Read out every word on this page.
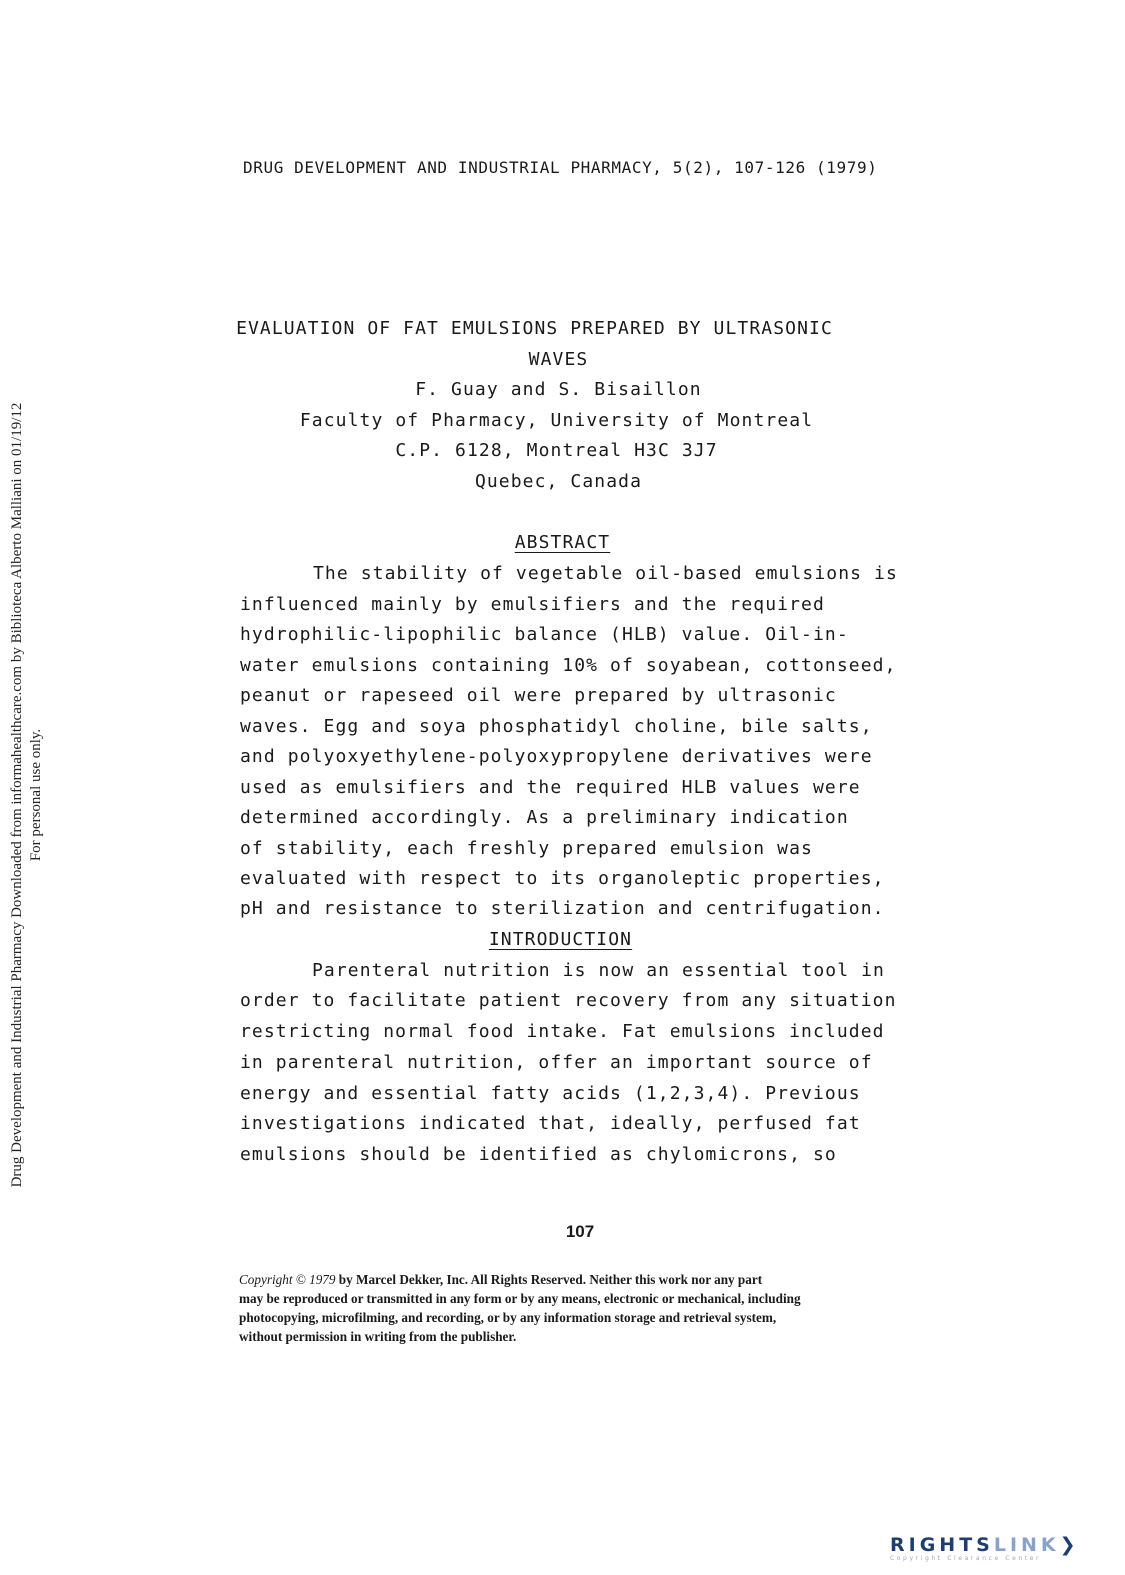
Drug Development and Industrial Pharmacy Downloaded from informahealthcare.com by Biblioteca Alberto Malliani on 01/19/12 For personal use only.
DRUG DEVELOPMENT AND INDUSTRIAL PHARMACY, 5(2), 107-126 (1979)
EVALUATION OF FAT EMULSIONS PREPARED BY ULTRASONIC
WAVES
F. Guay and S. Bisaillon
Faculty of Pharmacy, University of Montreal
C.P. 6128, Montreal H3C 3J7
Quebec, Canada
ABSTRACT
The stability of vegetable oil-based emulsions is
influenced mainly by emulsifiers and the required
hydrophilic-lipophilic balance (HLB) value. Oil-in-
water emulsions containing 10% of soyabean, cottonseed,
peanut or rapeseed oil were prepared by ultrasonic
waves. Egg and soya phosphatidyl choline, bile salts,
and polyoxyethylene-polyoxypropylene derivatives were
used as emulsifiers and the required HLB values were
determined accordingly. As a preliminary indication
of stability, each freshly prepared emulsion was
evaluated with respect to its organoleptic properties,
pH and resistance to sterilization and centrifugation.
INTRODUCTION
Parenteral nutrition is now an essential tool in
order to facilitate patient recovery from any situation
restricting normal food intake. Fat emulsions included
in parenteral nutrition, offer an important source of
energy and essential fatty acids (1,2,3,4). Previous
investigations indicated that, ideally, perfused fat
emulsions should be identified as chylomicrons, so
107
Copyright © 1979 by Marcel Dekker, Inc. All Rights Reserved. Neither this work nor any part
may be reproduced or transmitted in any form or by any means, electronic or mechanical, including
photocopying, microfilming, and recording, or by any information storage and retrieval system,
without permission in writing from the publisher.
RIGHTSLINK❯
Copyright Clearance Center
